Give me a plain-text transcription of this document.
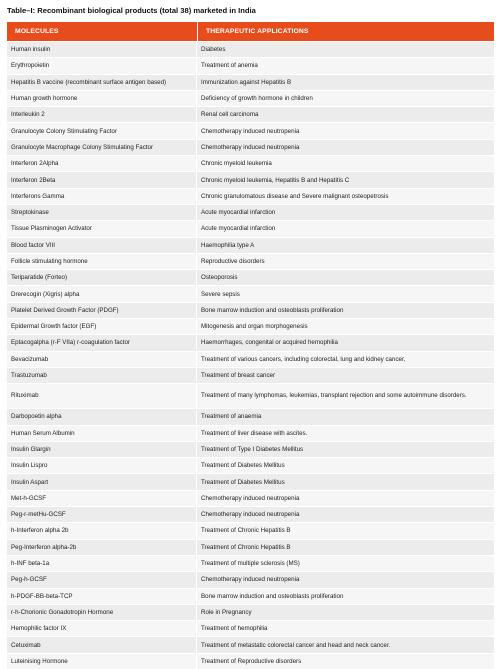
Table–I: Recombinant biological products (total 38) marketed in India
MOLECULES	THERAPEUTIC APPLICATIONS
Human insulin	Diabetes
Erythropoietin	Treatment of anemia
Hepatitis B vaccine (recombinant surface antigen based)	Immunization against Hepatitis B
Human growth hormone	Deficiency of growth hormone in children
Interleukin 2	Renal cell carcinoma
Granulocyte Colony Stimulating Factor	Chemotherapy induced neutropenia
Granulocyte Macrophage Colony Stimulating Factor	Chemotherapy induced neutropenia
Interferon 2Alpha	Chronic myeloid leukemia
Interferon 2Beta	Chronic myeloid leukemia, Hepatitis B and Hepatitis C
Interferons Gamma	Chronic granulomatous disease and Severe malignant osteopetrosis
Streptokinase	Acute myocardial infarction
Tissue Plasminogen Activator	Acute myocardial infarction
Blood factor VIII	Haemophilia type A
Follicle stimulating hormone	Reproductive disorders
Teriparatide (Forteo)	Osteoporosis
Drerecogin (Xigris) alpha	Severe sepsis
Platelet Derived Growth Factor (PDGF)	Bone marrow induction and osteoblasts proliferation
Epidermal Growth factor (EGF)	Mitogenesis and organ morphogenesis
Eptacogalpha (r-F VIIa) r-coagulation factor	Haemorrhages, congenital or acquired hemophilia
Bevacizumab	Treatment of various cancers, including colorectal, lung and kidney cancer,
Trastuzumab	Treatment of breast cancer
Rituximab	Treatment of many lymphomas, leukemias, transplant rejection and some autoimmune disorders.
Darbopoetin alpha	Treatment of anaemia
Human Serum Albumin	Treatment of liver disease with ascites.
Insulin Glargin	Treatment of Type I Diabetes Mellitus
Insulin Lispro	Treatment of Diabetes Mellitus
Insulin Aspart	Treatment of Diabetes Mellitus
Met-h-GCSF	Chemotherapy induced neutropenia
Peg-r-metHu-GCSF	Chemotherapy induced neutropenia
h-Interferon alpha 2b	Treatment of Chronic Hepatitis B
Peg-Interferon alpha-2b	Treatment of Chronic Hepatitis B
h-INF beta-1a	Treatment of multiple sclerosis (MS)
Peg-h-GCSF	Chemotherapy induced neutropenia
h-PDGF-BB-beta-TCP	Bone marrow induction and osteoblasts proliferation
r-h-Chorionic Gonadotropin Hormone	Role in Pregnancy
Hemophilic factor IX	Treatment of hemophilia
Cetuximab	Treatment of metastatic colorectal cancer and head and neck cancer.
Luteinising Hormone	Treatment of Reproductive disorders
